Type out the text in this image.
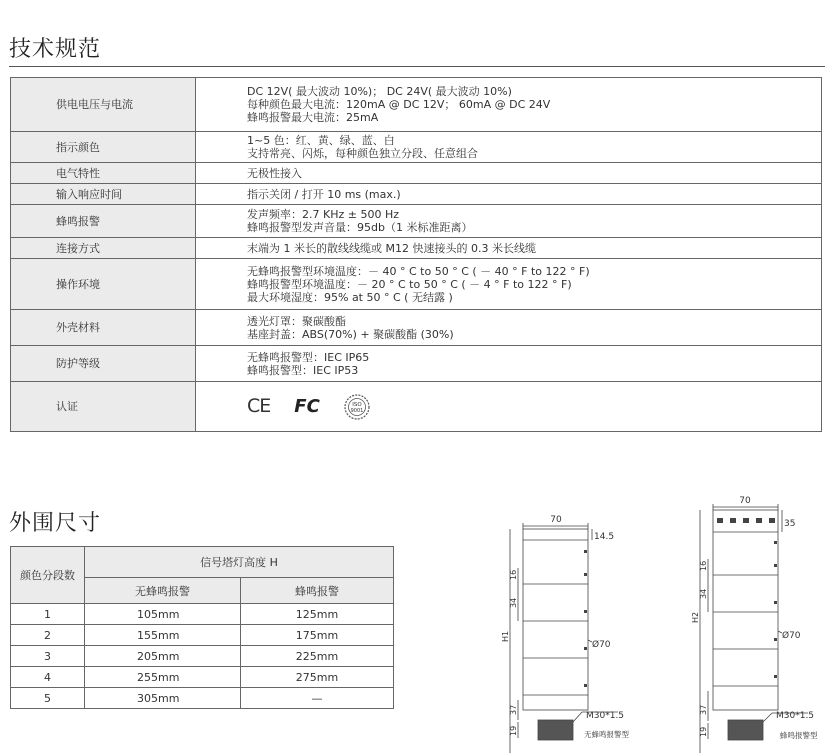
技术规范
供电电压与电流	DC 12V( 最大波动 10%)； DC 24V( 最大波动 10%)
每种颜色最大电流：120mA @ DC 12V； 60mA @ DC 24V
蜂鸣报警最大电流：25mA

指示颜色	1~5 色：红、黄、绿、蓝、白
支持常亮、闪烁，每种颜色独立分段、任意组合

电气特性	无极性接入

输入响应时间	指示关闭 / 打开 10 ms (max.)

蜂鸣报警	发声频率：2.7 KHz ± 500 Hz
蜂鸣报警型发声音量：95db（1 米标准距离）

连接方式	末端为 1 米长的散线线缆或 M12 快速接头的 0.3 米长线缆

操作环境	无蜂鸣报警型环境温度：－ 40 ° C to 50 ° C ( － 40 ° F to 122 ° F)
蜂鸣报警型环境温度：－ 20 ° C to 50 ° C ( － 4 ° F to 122 ° F)
最大环境湿度：95% at 50 ° C ( 无结露 )

外壳材料	透光灯罩：聚碳酸酯
基座封盖：ABS(70%) + 聚碳酸酯 (30%)

防护等级	无蜂鸣报警型：IEC IP65
蜂鸣报警型：IEC IP53

认证	CE FC ISO
9001
外围尺寸
颜色分段数	信号塔灯高度 H	
	无蜂鸣报警	蜂鸣报警
1	105mm	125mm
2	155mm	175mm
3	205mm	225mm
4	255mm	275mm
5	305mm	—
70
14.5
16
34
H1
Ø70
37
19
M30*1.5
无蜂鸣报警型
70
35
16
34
H2
Ø70
37
19
M30*1.5
蜂鸣报警型
